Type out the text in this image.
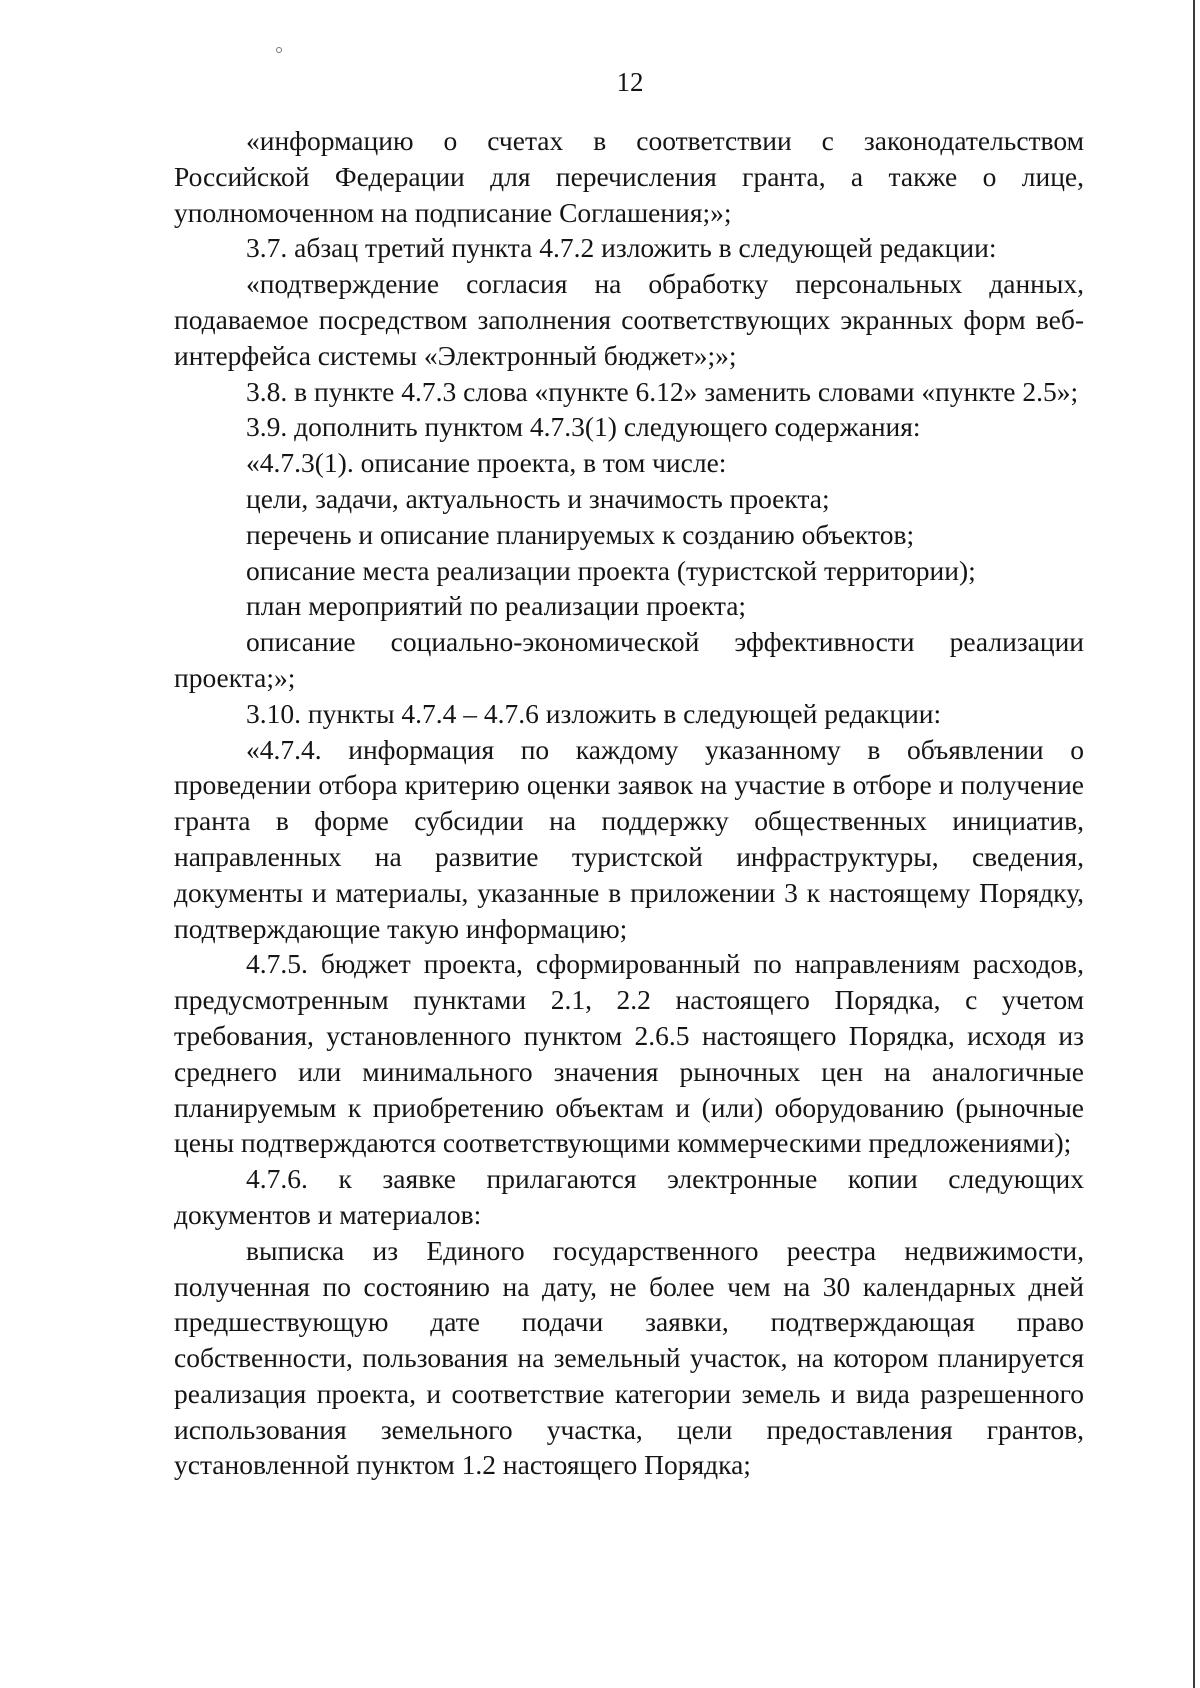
12

«информацию о счетах в соответствии с законодательством Российской Федерации для перечисления гранта, а также о лице, уполномоченном на подписание Соглашения;»;

3.7. абзац третий пункта 4.7.2 изложить в следующей редакции:

«подтверждение согласия на обработку персональных данных, подаваемое посредством заполнения соответствующих экранных форм веб-интерфейса системы «Электронный бюджет»;»;

3.8. в пункте 4.7.3 слова «пункте 6.12» заменить словами «пункте 2.5»;

3.9. дополнить пунктом 4.7.3(1) следующего содержания:

«4.7.3(1). описание проекта, в том числе:

цели, задачи, актуальность и значимость проекта;

перечень и описание планируемых к созданию объектов;

описание места реализации проекта (туристской территории);

план мероприятий по реализации проекта;

описание социально-экономической эффективности реализации проекта;»;

3.10. пункты 4.7.4 – 4.7.6 изложить в следующей редакции:

«4.7.4. информация по каждому указанному в объявлении о проведении отбора критерию оценки заявок на участие в отборе и получение гранта в форме субсидии на поддержку общественных инициатив, направленных на развитие туристской инфраструктуры, сведения, документы и материалы, указанные в приложении 3 к настоящему Порядку, подтверждающие такую информацию;

4.7.5. бюджет проекта, сформированный по направлениям расходов, предусмотренным пунктами 2.1, 2.2 настоящего Порядка, с учетом требования, установленного пунктом 2.6.5 настоящего Порядка, исходя из среднего или минимального значения рыночных цен на аналогичные планируемым к приобретению объектам и (или) оборудованию (рыночные цены подтверждаются соответствующими коммерческими предложениями);

4.7.6. к заявке прилагаются электронные копии следующих документов и материалов:

выписка из Единого государственного реестра недвижимости, полученная по состоянию на дату, не более чем на 30 календарных дней предшествующую дате подачи заявки, подтверждающая право собственности, пользования на земельный участок, на котором планируется реализация проекта, и соответствие категории земель и вида разрешенного использования земельного участка, цели предоставления грантов, установленной пунктом 1.2 настоящего Порядка;
